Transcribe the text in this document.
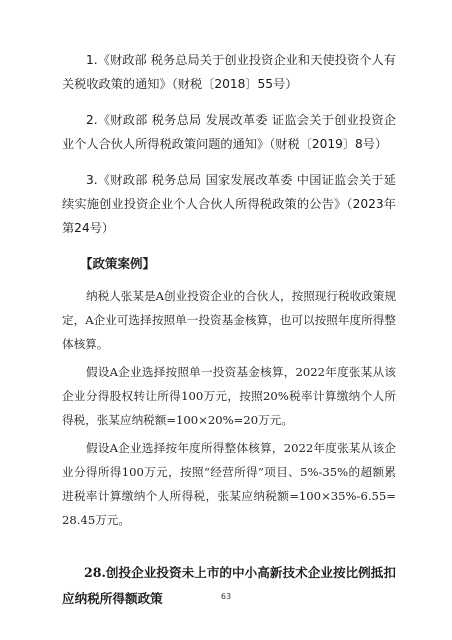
1.《财政部 税务总局关于创业投资企业和天使投资个人有关税收政策的通知》（财税〔2018〕55号）

2.《财政部 税务总局 发展改革委 证监会关于创业投资企业个人合伙人所得税政策问题的通知》（财税〔2019〕8号）

3.《财政部 税务总局 国家发展改革委 中国证监会关于延续实施创业投资企业个人合伙人所得税政策的公告》（2023年第24号）

【政策案例】

纳税人张某是A创业投资企业的合伙人，按照现行税收政策规定，A企业可选择按照单一投资基金核算，也可以按照年度所得整体核算。

假设A企业选择按照单一投资基金核算，2022年度张某从该企业分得股权转让所得100万元，按照20%税率计算缴纳个人所得税，张某应纳税额=100×20%=20万元。

假设A企业选择按年度所得整体核算，2022年度张某从该企业分得所得100万元，按照“经营所得”项目、5%-35%的超额累进税率计算缴纳个人所得税，张某应纳税额=100×35%-6.55=28.45万元。

28.创投企业投资未上市的中小高新技术企业按比例抵扣应纳税所得额政策	63
